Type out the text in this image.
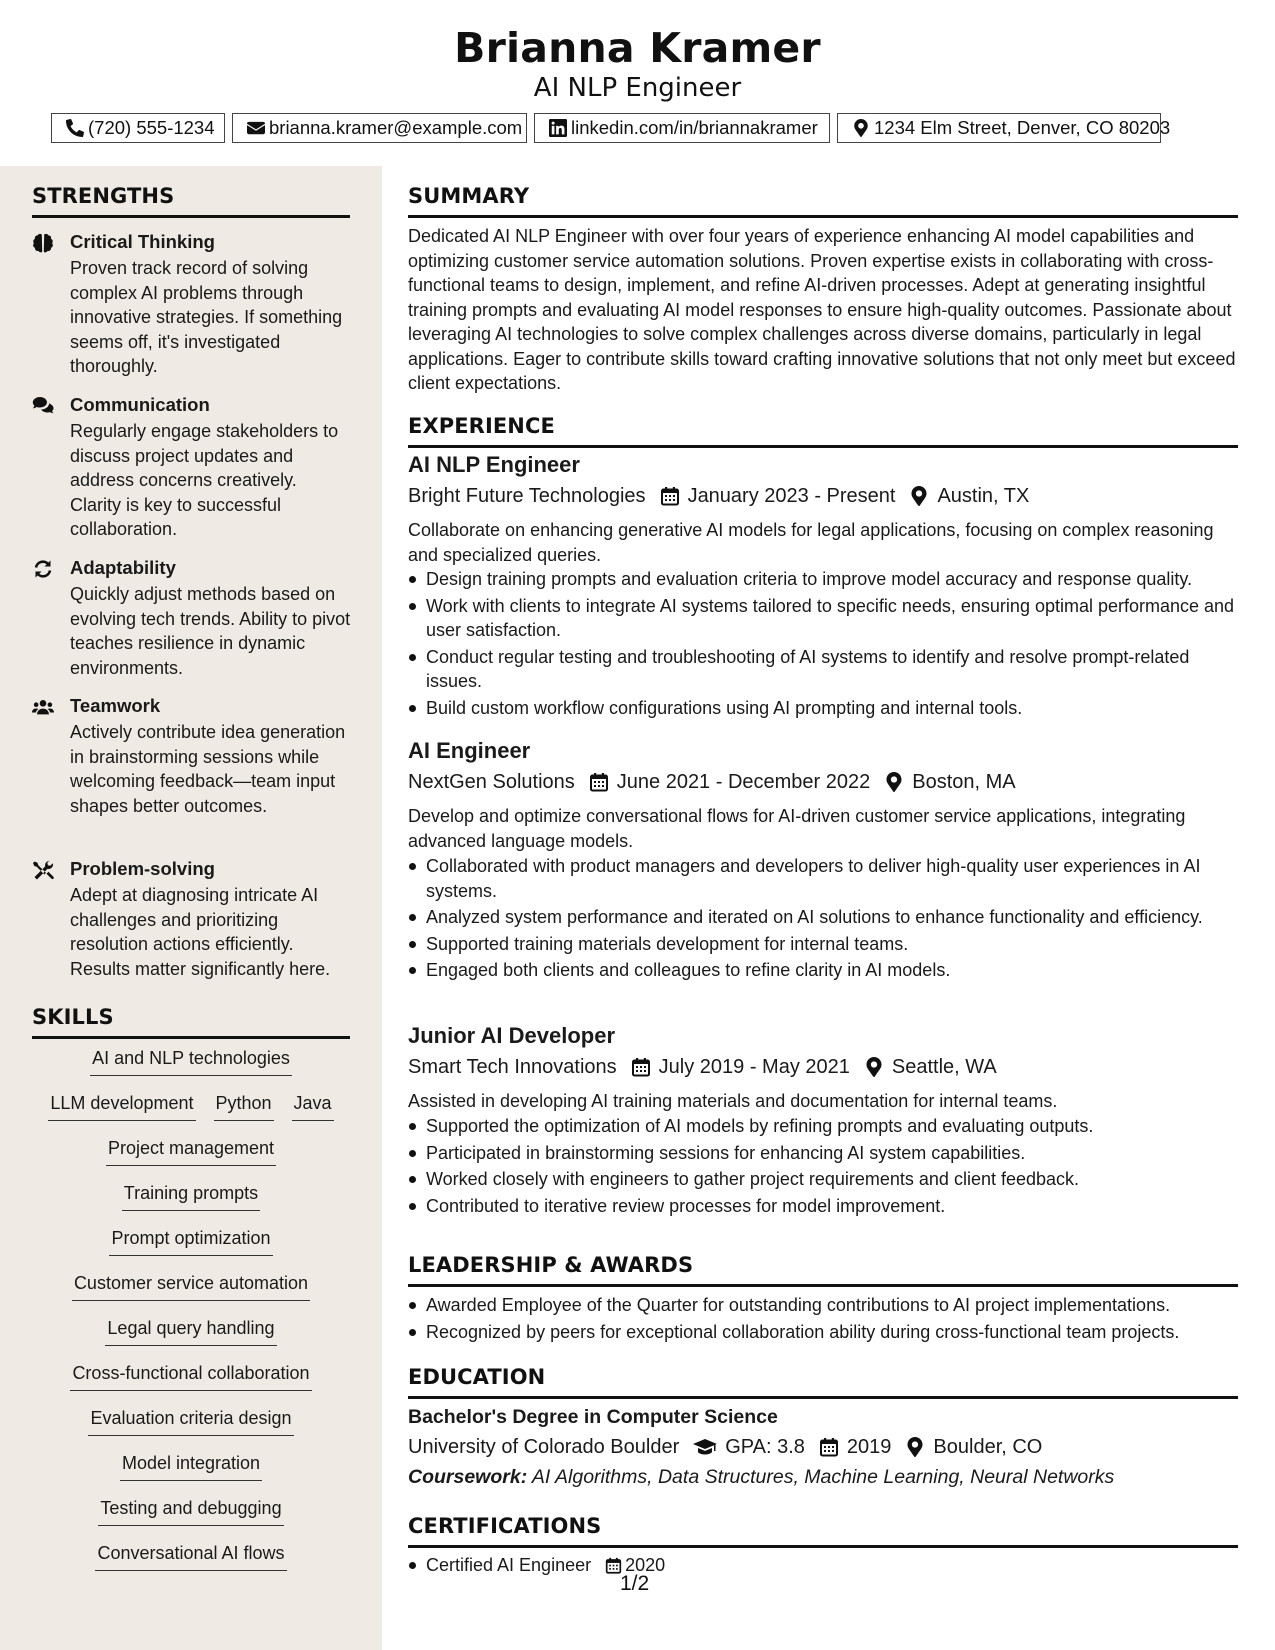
Brianna Kramer
AI NLP Engineer
(720) 555-1234	brianna.kramer@example.com	linkedin.com/in/briannakramer	1234 Elm Street, Denver, CO 80203
STRENGTHS
Critical Thinking
Proven track record of solving complex AI problems through innovative strategies. If something seems off, it's investigated thoroughly.
Communication
Regularly engage stakeholders to discuss project updates and address concerns creatively. Clarity is key to successful collaboration.
Adaptability
Quickly adjust methods based on evolving tech trends. Ability to pivot teaches resilience in dynamic environments.
Teamwork
Actively contribute idea generation in brainstorming sessions while welcoming feedback—team input shapes better outcomes.
Problem-solving
Adept at diagnosing intricate AI challenges and prioritizing resolution actions efficiently. Results matter significantly here.
SKILLS
AI and NLP technologies
LLM development Python Java
Project management
Training prompts
Prompt optimization
Customer service automation
Legal query handling
Cross-functional collaboration
Evaluation criteria design
Model integration
Testing and debugging
Conversational AI flows
SUMMARY
Dedicated AI NLP Engineer with over four years of experience enhancing AI model capabilities and optimizing customer service automation solutions. Proven expertise exists in collaborating with cross-functional teams to design, implement, and refine AI-driven processes. Adept at generating insightful training prompts and evaluating AI model responses to ensure high-quality outcomes. Passionate about leveraging AI technologies to solve complex challenges across diverse domains, particularly in legal applications. Eager to contribute skills toward crafting innovative solutions that not only meet but exceed client expectations.
EXPERIENCE
AI NLP Engineer
Bright Future Technologies January 2023 - Present Austin, TX
Collaborate on enhancing generative AI models for legal applications, focusing on complex reasoning and specialized queries.
Design training prompts and evaluation criteria to improve model accuracy and response quality.
Work with clients to integrate AI systems tailored to specific needs, ensuring optimal performance and user satisfaction.
Conduct regular testing and troubleshooting of AI systems to identify and resolve prompt-related issues.
Build custom workflow configurations using AI prompting and internal tools.
AI Engineer
NextGen Solutions June 2021 - December 2022 Boston, MA
Develop and optimize conversational flows for AI-driven customer service applications, integrating advanced language models.
Collaborated with product managers and developers to deliver high-quality user experiences in AI systems.
Analyzed system performance and iterated on AI solutions to enhance functionality and efficiency.
Supported training materials development for internal teams.
Engaged both clients and colleagues to refine clarity in AI models.
Junior AI Developer
Smart Tech Innovations July 2019 - May 2021 Seattle, WA
Assisted in developing AI training materials and documentation for internal teams.
Supported the optimization of AI models by refining prompts and evaluating outputs.
Participated in brainstorming sessions for enhancing AI system capabilities.
Worked closely with engineers to gather project requirements and client feedback.
Contributed to iterative review processes for model improvement.
LEADERSHIP & AWARDS
Awarded Employee of the Quarter for outstanding contributions to AI project implementations.
Recognized by peers for exceptional collaboration ability during cross-functional team projects.
EDUCATION
Bachelor's Degree in Computer Science
University of Colorado Boulder GPA: 3.8 2019 Boulder, CO
Coursework: AI Algorithms, Data Structures, Machine Learning, Neural Networks
CERTIFICATIONS
Certified AI Engineer 2020
1/2
